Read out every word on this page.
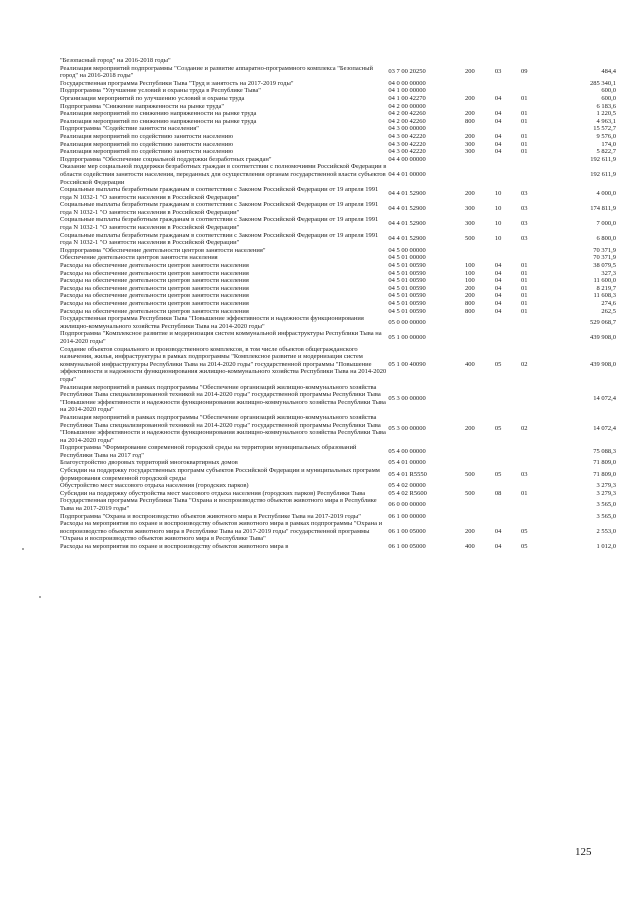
"Безопасный город" на 2016-2018 годы"					
Реализация мероприятий подпрограммы "Создание и развитие аппаратно-программного комплекса "Безопасный город" на 2016-2018 годы"	03 7 00 20250	200	03	09	484,4
Государственная программа Республики Тыва "Труд и занятость на 2017-2019 годы"	04 0 00 00000				285 340,1
Подпрограмма "Улучшение условий и охраны труда в Республике Тыва"	04 1 00 00000				600,0
Организация мероприятий по улучшению условий и охраны труда	04 1 00 42270	200	04	01	600,0
Подпрограмма "Снижение напряженности на рынке труда"	04 2 00 00000				6 183,6
Реализация мероприятий по снижению напряженности на рынке труда	04 2 00 42260	200	04	01	1 220,5
Реализация мероприятий по снижению напряженности на рынке труда	04 2 00 42260	800	04	01	4 963,1
Подпрограмма "Содействие занятости населения"	04 3 00 00000				15 572,7
Реализация мероприятий по содействию занятости населению	04 3 00 42220	200	04	01	9 576,0
Реализация мероприятий по содействию занятости населению	04 3 00 42220	300	04	01	174,0
Реализация мероприятий по содействию занятости населению	04 3 00 42220	300	04	01	5 822,7
Подпрограмма "Обеспечение социальной поддержки безработных граждан"	04 4 00 00000				192 611,9
Оказание мер социальной поддержки безработных граждан в соответствии с полномочиями Российской Федерации в области содействия занятости населения, переданных для осуществления органам государственной власти субъектов Российской Федерации	04 4 01 00000				192 611,9
Социальные выплаты безработным гражданам в соответствии с Законом Российской Федерации от 19 апреля 1991 года N 1032-1 "О занятости населения в Российской Федерации"	04 4 01 52900	200	10	03	4 000,0
Социальные выплаты безработным гражданам в соответствии с Законом Российской Федерации от 19 апреля 1991 года N 1032-1 "О занятости населения в Российской Федерации"	04 4 01 52900	300	10	03	174 811,9
Социальные выплаты безработным гражданам в соответствии с Законом Российской Федерации от 19 апреля 1991 года N 1032-1 "О занятости населения в Российской Федерации"	04 4 01 52900	300	10	03	7 000,0
Социальные выплаты безработным гражданам в соответствии с Законом Российской Федерации от 19 апреля 1991 года N 1032-1 "О занятости населения в Российской Федерации"	04 4 01 52900	500	10	03	6 800,0
Подпрограмма "Обеспечение деятельности центров занятости населения"	04 5 00 00000				70 371,9
Обеспечение деятельности центров занятости населения	04 5 01 00000				70 371,9
Расходы на обеспечение деятельности центров занятости населения	04 5 01 00590	100	04	01	38 079,5
Расходы на обеспечение деятельности центров занятости населения	04 5 01 00590	100	04	01	327,3
Расходы на обеспечение деятельности центров занятости населения	04 5 01 00590	100	04	01	11 600,0
Расходы на обеспечение деятельности центров занятости населения	04 5 01 00590	200	04	01	8 219,7
Расходы на обеспечение деятельности центров занятости населения	04 5 01 00590	200	04	01	11 608,3
Расходы на обеспечение деятельности центров занятости населения	04 5 01 00590	800	04	01	274,6
Расходы на обеспечение деятельности центров занятости населения	04 5 01 00590	800	04	01	262,5
Государственная программа Республики Тыва "Повышение эффективности и надежности функционирования жилищно-коммунального хозяйства Республики Тыва на 2014-2020 годы"	05 0 00 00000				529 068,7
Подпрограмма "Комплексное развитие и модернизация систем коммунальной инфраструктуры Республики Тыва на 2014-2020 годы"	05 1 00 00000				439 908,0
Создание объектов социального и производственного комплексов, в том числе объектов общегражданского назначения, жилья, инфраструктуры в рамках подпрограммы "Комплексное развитие и модернизация систем коммунальной инфраструктуры Республики Тыва на 2014-2020 годы" государственной программы "Повышение эффективности и надежности функционирования жилищно-коммунального хозяйства Республики Тыва на 2014-2020 годы"	05 1 00 40090	400	05	02	439 908,0
Реализация мероприятий в рамках подпрограммы "Обеспечение организаций жилищно-коммунального хозяйства Республики Тыва специализированной техникой на 2014-2020 годы" государственной программы Республики Тыва "Повышение эффективности и надежности функционирования жилищно-коммунального хозяйства Республики Тыва на 2014-2020 годы"	05 3 00 00000				14 072,4
Реализация мероприятий в рамках подпрограммы "Обеспечение организаций жилищно-коммунального хозяйства Республики Тыва специализированной техникой на 2014-2020 годы" государственной программы Республики Тыва "Повышение эффективности и надежности функционирования жилищно-коммунального хозяйства Республики Тыва на 2014-2020 годы"	05 3 00 00000	200	05	02	14 072,4
Подпрограмма "Формирование современной городской среды на территории муниципальных образований Республики Тыва на 2017 год"	05 4 00 00000				75 088,3
Благоустройство дворовых территорий многоквартирных домов	05 4 01 00000				71 809,0
Субсидии на поддержку государственных программ субъектов Российской Федерации и муниципальных программ формирования современной городской среды	05 4 01 R5550	500	05	03	71 809,0
Обустройство мест массового отдыха населения (городских парков)	05 4 02 00000				3 279,3
Субсидии на поддержку обустройства мест массового отдыха населения (городских парков) Республики Тыва	05 4 02 R5600	500	08	01	3 279,3
Государственная программа Республики Тыва "Охрана и воспроизводство объектов животного мира в Республике Тыва на 2017-2019 годы"	06 0 00 00000				3 565,0
Подпрограмма "Охрана и воспроизводство объектов животного мира в Республике Тыва на 2017-2019 годы"	06 1 00 00000				3 565,0
Расходы на мероприятия по охране и воспроизводству объектов животного мира в рамках подпрограммы "Охрана и воспроизводство объектов животного мира в Республике Тыва на 2017-2019 годы" государственной программы "Охрана и воспроизводство объектов животного мира в Республике Тыва"	06 1 00 05000	200	04	05	2 553,0
Расходы на мероприятия по охране и воспроизводству объектов животного мира в	06 1 00 05000	400	04	05	1 012,0
125
